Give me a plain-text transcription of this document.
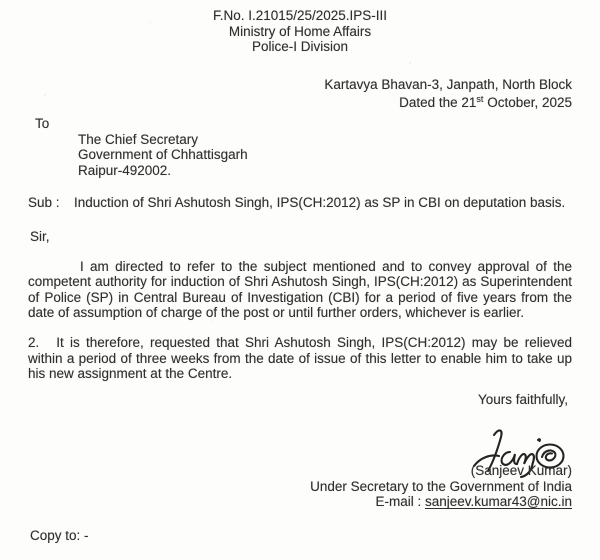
F.No. I.21015/25/2025.IPS-III
Ministry of Home Affairs
Police-I Division
Kartavya Bhavan-3, Janpath, North Block
Dated the 21st October, 2025
To
The Chief Secretary
Government of Chhattisgarh
Raipur-492002.
Sub :	Induction of Shri Ashutosh Singh, IPS(CH:2012) as SP in CBI on deputation basis.
Sir,

I am directed to refer to the subject mentioned and to convey approval of the competent authority for induction of Shri Ashutosh Singh, IPS(CH:2012) as Superintendent of Police (SP) in Central Bureau of Investigation (CBI) for a period of five years from the date of assumption of charge of the post or until further orders, whichever is earlier.

2. It is therefore, requested that Shri Ashutosh Singh, IPS(CH:2012) may be relieved within a period of three weeks from the date of issue of this letter to enable him to take up his new assignment at the Centre.

Yours faithfully,
(Sanjeev Kumar)
Under Secretary to the Government of India
E-mail : sanjeev.kumar43@nic.in
Copy to: -
